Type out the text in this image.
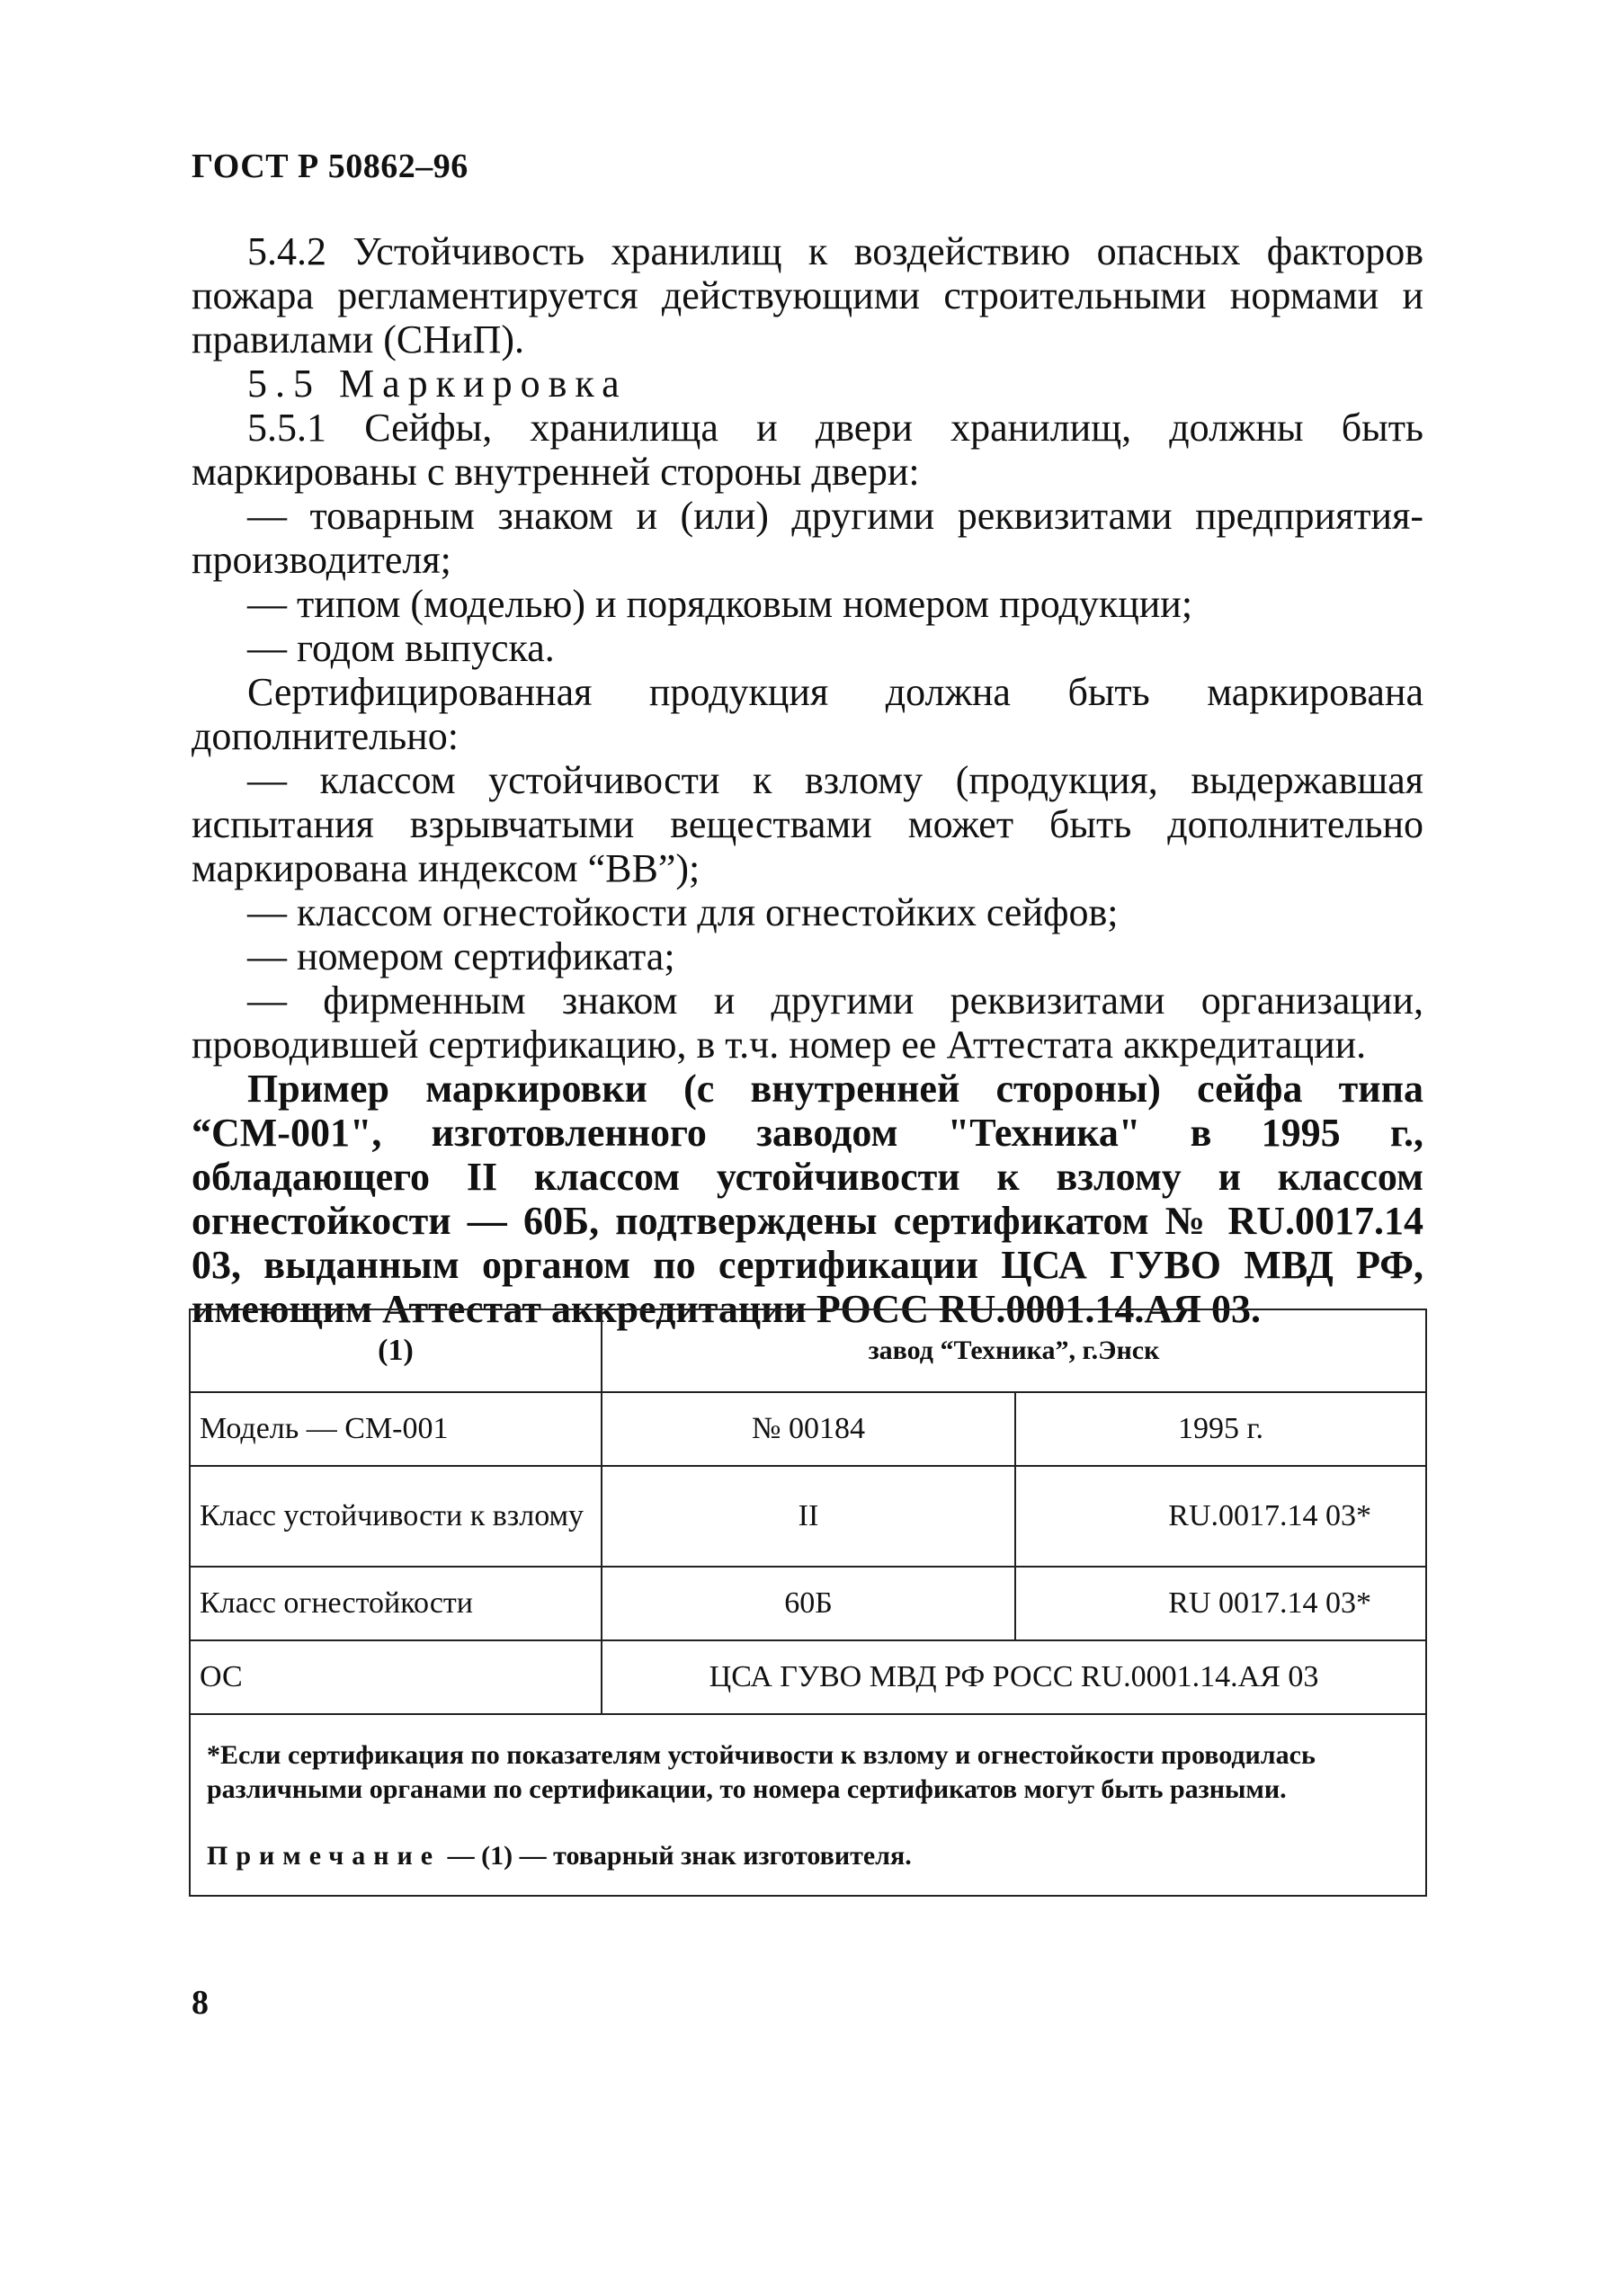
ГОСТ Р 50862–96

5.4.2 Устойчивость хранилищ к воздействию опасных факторов пожара регламентируется действующими строительными нормами и правилами (СНиП).

5.5 Маркировка

5.5.1 Сейфы, хранилища и двери хранилищ, должны быть маркированы с внутренней стороны двери:

— товарным знаком и (или) другими реквизитами предприятия-производителя;

— типом (моделью) и порядковым номером продукции;

— годом выпуска.

Сертифицированная продукция должна быть маркирована дополнительно:

— классом устойчивости к взлому (продукция, выдержавшая испытания взрывчатыми веществами может быть дополнительно маркирована индексом “ВВ”);

— классом огнестойкости для огнестойких сейфов;

— номером сертификата;

— фирменным знаком и другими реквизитами организации, проводившей сертификацию, в т.ч. номер ее Аттестата аккредитации.

Пример маркировки (с внутренней стороны) сейфа типа “СМ-001", изготовленного заводом "Техника" в 1995 г., обладающего II классом устойчивости к взлому и классом огнестойкости — 60Б, подтверждены сертификатом № RU.0017.14 03, выданным органом по сертификации ЦСА ГУВО МВД РФ, имеющим Аттестат аккредитации РОСС RU.0001.14.АЯ 03.

(1)	завод “Техника”, г.Энск	
Модель — СМ-001	№ 00184	1995 г.
Класс устойчивости к взлому	II	RU.0017.14 03*
Класс огнестойкости	60Б	RU 0017.14 03*
ОС	ЦСА ГУВО МВД РФ РОСС RU.0001.14.АЯ 03	

*Если сертификация по показателям устойчивости к взлому и огнестойкости проводилась различными органами по сертификации, то номера сертификатов могут быть разными.

Примечание — (1) — товарный знак изготовителя.		

8
